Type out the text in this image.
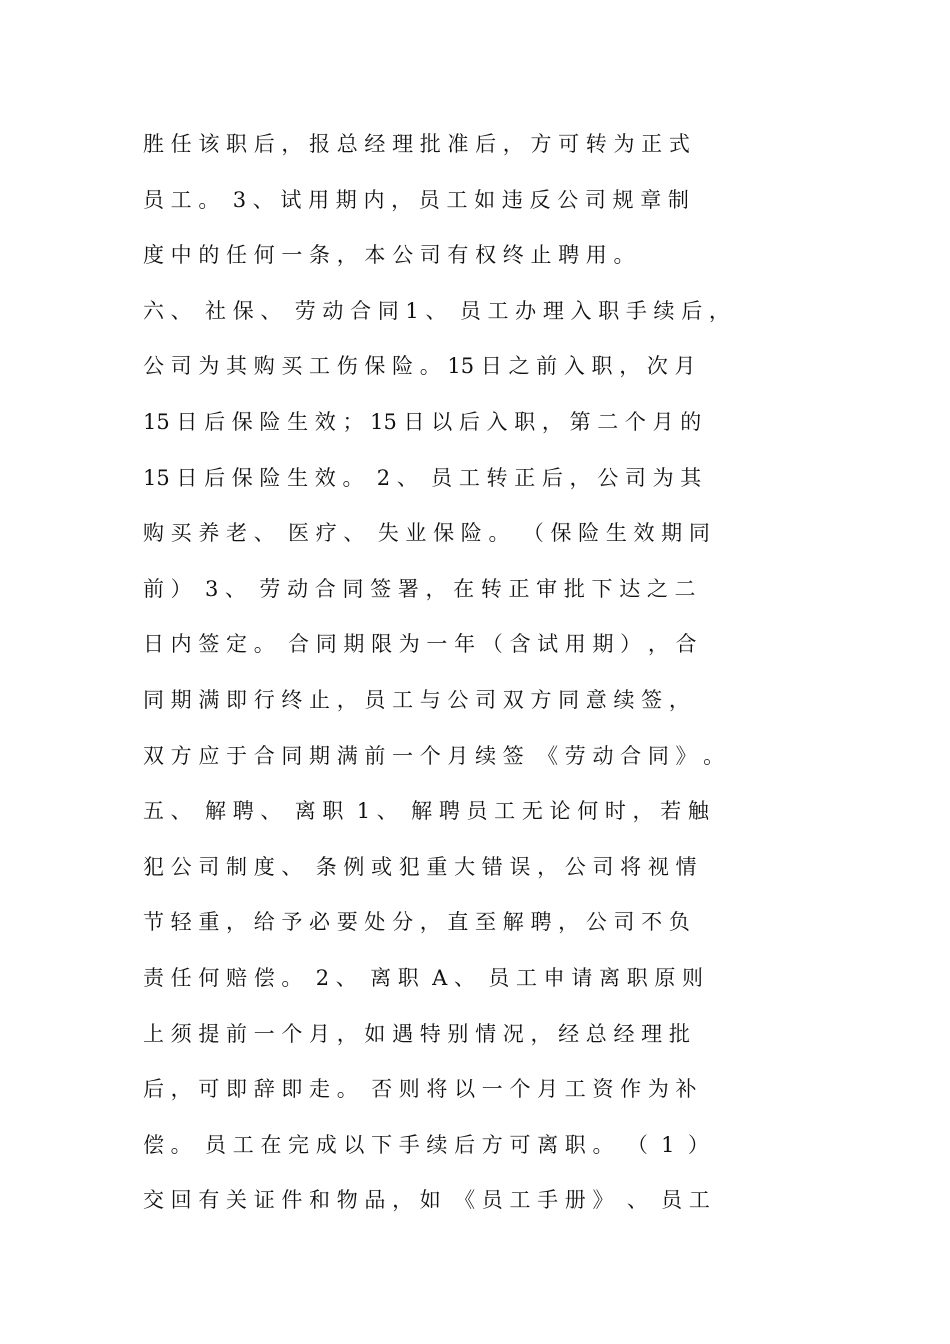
胜 任 该 职 后 ， 报 总 经 理 批 准 后 ， 方 可 转 为 正 式
员 工 。  3 、 试 用 期 内 ， 员 工 如 违 反 公 司 规 章 制
度 中 的 任 何 一 条 ， 本 公 司 有 权 终 止 聘 用 。
六 、  社 保 、  劳 动 合 同 1 、  员 工 办 理 入 职 手 续 后 ，
公 司 为 其 购 买 工 伤 保 险 。 15 日 之 前 入 职 ， 次 月
15 日 后 保 险 生 效 ； 15 日 以 后 入 职 ， 第 二 个 月 的
15 日 后 保 险 生 效 。  2 、  员 工 转 正 后 ， 公 司 为 其
购 买 养 老 、  医 疗 、  失 业 保 险 。  （ 保 险 生 效 期 同
前 ）  3 、  劳 动 合 同 签 署 ， 在 转 正 审 批 下 达 之 二
日 内 签 定 。  合 同 期 限 为 一 年 （ 含 试 用 期 ） ， 合
同 期 满 即 行 终 止 ， 员 工 与 公 司 双 方 同 意 续 签 ，
双 方 应 于 合 同 期 满 前 一 个 月 续 签  《 劳 动 合 同 》 。
五 、  解 聘 、  离 职  1 、  解 聘 员 工 无 论 何 时 ， 若 触
犯 公 司 制 度 、  条 例 或 犯 重 大 错 误 ， 公 司 将 视 情
节 轻 重 ， 给 予 必 要 处 分 ， 直 至 解 聘 ， 公 司 不 负
责 任 何 赔 偿 。  2 、  离 职  A 、  员 工 申 请 离 职 原 则
上 须 提 前 一 个 月 ， 如 遇 特 别 情 况 ， 经 总 经 理 批
后 ， 可 即 辞 即 走 。  否 则 将 以 一 个 月 工 资 作 为 补
偿 。  员 工 在 完 成 以 下 手 续 后 方 可 离 职 。  （  1  ）
交 回 有 关 证 件 和 物 品 ， 如  《 员 工 手 册 》  、  员 工
